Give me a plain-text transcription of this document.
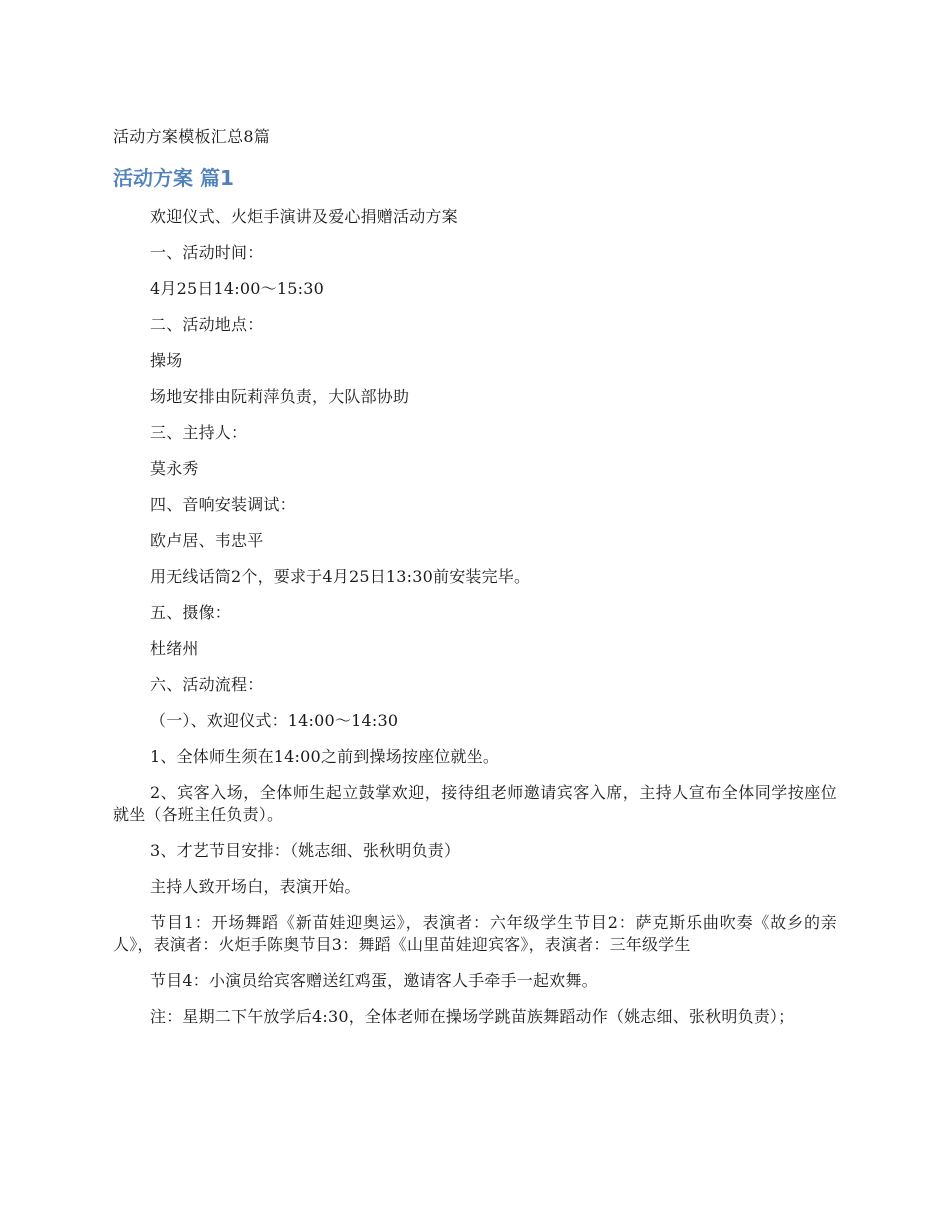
活动方案模板汇总8篇
活动方案 篇1

欢迎仪式、火炬手演讲及爱心捐赠活动方案

一、活动时间：

4月25日14:00～15:30

二、活动地点：

操场

场地安排由阮莉萍负责，大队部协助

三、主持人：

莫永秀

四、音响安装调试：

欧卢居、韦忠平

用无线话筒2个，要求于4月25日13:30前安装完毕。

五、摄像：

杜绪州

六、活动流程：

（一）、欢迎仪式：14:00～14:30

1、全体师生须在14:00之前到操场按座位就坐。

2、宾客入场，全体师生起立鼓掌欢迎，接待组老师邀请宾客入席，主持人宣布全体同学按座位就坐（各班主任负责）。

3、才艺节目安排：（姚志细、张秋明负责）

主持人致开场白，表演开始。

节目1：开场舞蹈《新苗娃迎奥运》，表演者：六年级学生节目2：萨克斯乐曲吹奏《故乡的亲人》，表演者：火炬手陈奥节目3：舞蹈《山里苗娃迎宾客》，表演者：三年级学生

节目4：小演员给宾客赠送红鸡蛋，邀请客人手牵手一起欢舞。

注：星期二下午放学后4:30，全体老师在操场学跳苗族舞蹈动作（姚志细、张秋明负责）；
